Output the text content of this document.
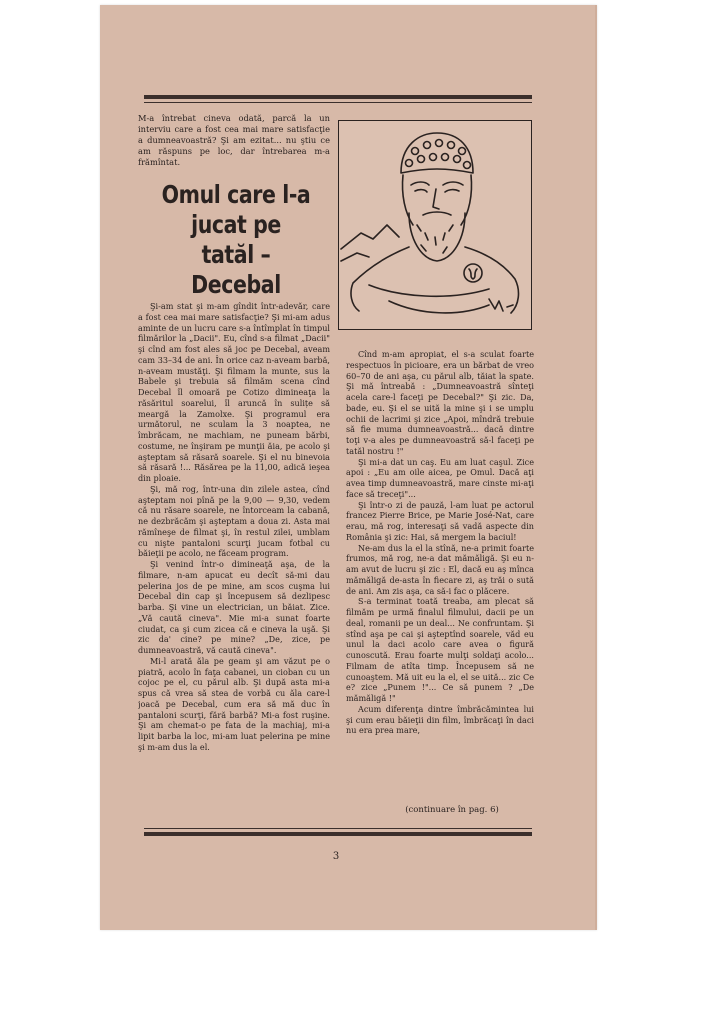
M-a întrebat cineva odată, parcă la un interviu care a fost cea mai mare satisfacţie a dumneavoastră? Şi am ezitat... nu ştiu ce am răspuns pe loc, dar întrebarea m-a frămîntat.
Omul care l-a
jucat pe
tatăl – Decebal

Şi-am stat şi m-am gîndit într-adevăr, care a fost cea mai mare satisfacţie? Şi mi-am adus aminte de un lucru care s-a întîmplat în timpul filmărilor la „Dacii". Eu, cînd s-a filmat „Dacii" şi cînd am fost ales să joc pe Decebal, aveam cam 33–34 de ani. În orice caz n-aveam barbă, n-aveam mustăţi. Şi filmam la munte, sus la Babele şi trebuia să filmăm scena cînd Decebal îl omoară pe Cotizo dimineaţa la răsăritul soarelui, îl aruncă în sulițe să meargă la Zamolxe. Şi programul era următorul, ne sculam la 3 noaptea, ne îmbrăcam, ne machiam, ne puneam bărbi, costume, ne înşiram pe munţii ăia, pe acolo şi aşteptam să răsară soarele. Şi el nu binevoia să răsară !... Răsărea pe la 11,00, adică ieşea din ploaie.

Şi, mă rog, într-una din zilele astea, cînd aşteptam noi pînă pe la 9,00 — 9,30, vedem că nu răsare soarele, ne întorceam la cabană, ne dezbrăcăm şi aşteptam a doua zi. Asta mai rămîneşe de filmat şi, în restul zilei, umblam cu nişte pantaloni scurţi jucam fotbal cu băieţii pe acolo, ne făceam program.

Şi venind într-o dimineaţă aşa, de la filmare, n-am apucat eu decît să-mi dau pelerina jos de pe mine, am scos cuşma lui Decebal din cap şi începusem să dezlipesc barba. Şi vine un electrician, un băiat. Zice. „Vă caută cineva". Mie mi-a sunat foarte ciudat, ca şi cum zicea că e cineva la uşă. Şi zic da' cine? pe mine? „De, zice, pe dumneavoastră, vă caută cineva".

Mi-l arată ăla pe geam şi am văzut pe o piatră, acolo în faţa cabanei, un cioban cu un cojoc pe el, cu părul alb. Şi după asta mi-a spus că vrea să stea de vorbă cu ăla care-l joacă pe Decebal, cum era să mă duc în pantaloni scurţi, fără barbă? Mi-a fost ruşine. Şi am chemat-o pe fata de la machiaj, mi-a lipit barba la loc, mi-am luat pelerina pe mine şi m-am dus la el.

Cînd m-am apropiat, el s-a sculat foarte respectuos în picioare, era un bărbat de vreo 60–70 de ani aşa, cu părul alb, tăiat la spate. Şi mă întreabă : „Dumneavoastră sînteţi acela care-l faceţi pe Decebal?" Şi zic. Da, bade, eu. Şi el se uită la mine şi i se umplu ochii de lacrimi şi zice „Apoi, mîndră trebuie să fie muma dumneavoastră... dacă dintre toţi v-a ales pe dumneavoastră să-l faceţi pe tatăl nostru !"

Şi mi-a dat un caş. Eu am luat caşul. Zice apoi : „Eu am oile aicea, pe Omul. Dacă aţi avea timp dumneavoastră, mare cinste mi-aţi face să treceţi"...

Şi într-o zi de pauză, l-am luat pe actorul francez Pierre Brice, pe Marie José-Nat, care erau, mă rog, interesaţi să vadă aspecte din România şi zic: Hai, să mergem la baciul!

Ne-am dus la el la stînă, ne-a primit foarte frumos, mă rog, ne-a dat mămăligă. Şi eu n-am avut de lucru şi zic : El, dacă eu aş mînca mămăligă de-asta în fiecare zi, aş trăi o sută de ani. Am zis aşa, ca să-i fac o plăcere.

S-a terminat toată treaba, am plecat să filmăm pe urmă finalul filmului, dacii pe un deal, romanii pe un deal... Ne confruntam. Şi stînd aşa pe cai şi aşteptînd soarele, văd eu unul la daci acolo care avea o figură cunoscută. Erau foarte mulţi soldaţi acolo... Filmam de atîta timp. Începusem să ne cunoaştem. Mă uit eu la el, el se uită... zic Ce e? zice „Punem !"... Ce să punem ? „De mămăligă !"

Acum diferenţa dintre îmbrăcămintea lui şi cum erau băieţii din film, îmbrăcaţi în daci nu era prea mare,

(continuare în pag. 6)
3
